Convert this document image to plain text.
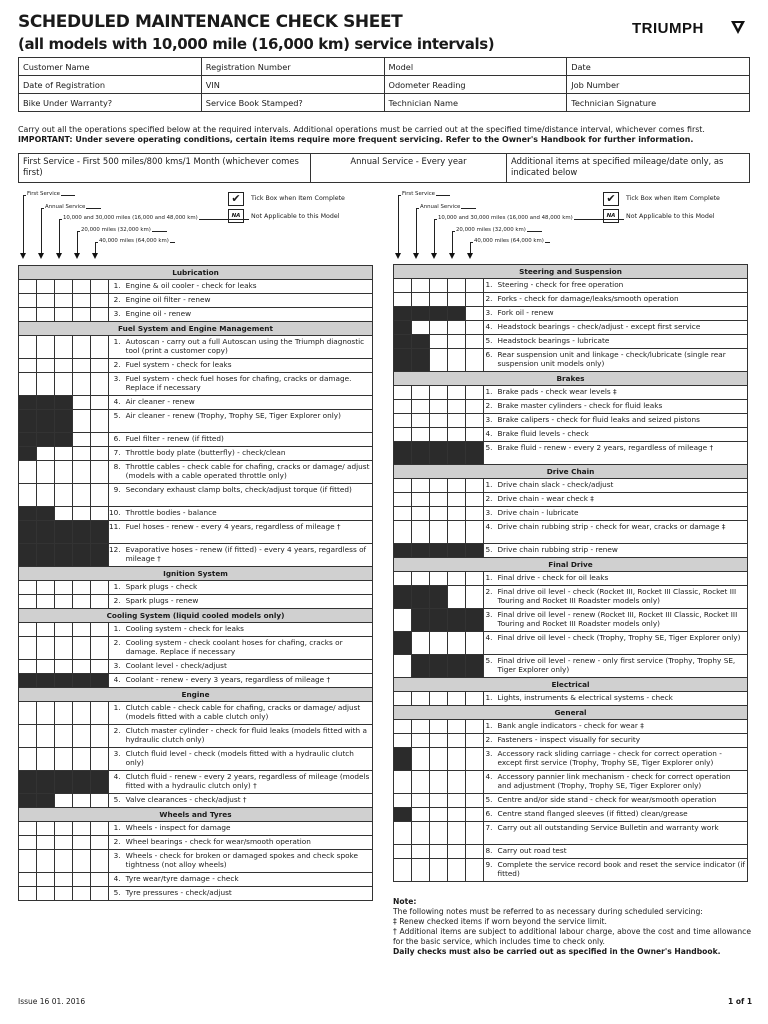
SCHEDULED MAINTENANCE CHECK SHEET
(all models with 10,000 mile (16,000 km) service intervals)
TRIUMPH
Customer Name	Registration Number	Model	Date
Date of Registration	VIN	Odometer Reading	Job Number
Bike Under Warranty?	Service Book Stamped?	Technician Name	Technician Signature
Carry out all the operations specified below at the required intervals. Additional operations must be carried out at the specified time/distance interval, whichever comes first.
IMPORTANT: Under severe operating conditions, certain items require more frequent servicing. Refer to the Owner's Handbook for further information.
First Service - First 500 miles/800 kms/1 Month (whichever comes first)
Annual Service - Every year	Additional items at specified mileage/date only, as indicated below
First Service
Annual Service
10,000 and 30,000 miles (16,000 and 48,000 km)
20,000 miles (32,000 km)
40,000 miles (64,000 km)
✔	Tick Box when Item Complete
NA	Not Applicable to this Model
First Service
Annual Service
10,000 and 30,000 miles (16,000 and 48,000 km)
20,000 miles (32,000 km)
40,000 miles (64,000 km)
✔	Tick Box when Item Complete
NA	Not Applicable to this Model
Lubrication						
					1.	Engine & oil cooler - check for leaks
					2.	Engine oil filter - renew
					3.	Engine oil - renew
Fuel System and Engine Management						
					1.	Autoscan - carry out a full Autoscan using the Triumph diagnostic tool (print a customer copy)
					2.	Fuel system - check for leaks
					3.	Fuel system - check fuel hoses for chafing, cracks or damage. Replace if necessary
					4.	Air cleaner - renew
					5.	Air cleaner - renew (Trophy, Trophy SE, Tiger Explorer only)
					6.	Fuel filter - renew (if fitted)
					7.	Throttle body plate (butterfly) - check/clean
					8.	Throttle cables - check cable for chafing, cracks or damage/ adjust (models with a cable operated throttle only)
					9.	Secondary exhaust clamp bolts, check/adjust torque (if fitted)
					10.	Throttle bodies - balance
					11.	Fuel hoses - renew - every 4 years, regardless of mileage †
					12.	Evaporative hoses - renew (if fitted) - every 4 years, regardless of mileage †
Ignition System						
					1.	Spark plugs - check
					2.	Spark plugs - renew
Cooling System (liquid cooled models only)						
					1.	Cooling system - check for leaks
					2.	Cooling system - check coolant hoses for chafing, cracks or damage. Replace if necessary
					3.	Coolant level - check/adjust
					4.	Coolant - renew - every 3 years, regardless of mileage †
Engine						
					1.	Clutch cable - check cable for chafing, cracks or damage/ adjust (models fitted with a cable clutch only)
					2.	Clutch master cylinder - check for fluid leaks (models fitted with a hydraulic clutch only)
					3.	Clutch fluid level - check (models fitted with a hydraulic clutch only)
					4.	Clutch fluid - renew - every 2 years, regardless of mileage (models fitted with a hydraulic clutch only) †
					5.	Valve clearances - check/adjust †
Wheels and Tyres						
					1.	Wheels - inspect for damage
					2.	Wheel bearings - check for wear/smooth operation
					3.	Wheels - check for broken or damaged spokes and check spoke tightness (not alloy wheels)
					4.	Tyre wear/tyre damage - check
					5.	Tyre pressures - check/adjust
Steering and Suspension						
					1.	Steering - check for free operation
					2.	Forks - check for damage/leaks/smooth operation
					3.	Fork oil - renew
					4.	Headstock bearings - check/adjust - except first service
					5.	Headstock bearings - lubricate
					6.	Rear suspension unit and linkage - check/lubricate (single rear suspension unit models only)
Brakes						
					1.	Brake pads - check wear levels ‡
					2.	Brake master cylinders - check for fluid leaks
					3.	Brake calipers - check for fluid leaks and seized pistons
					4.	Brake fluid levels - check
					5.	Brake fluid - renew - every 2 years, regardless of mileage †
Drive Chain						
					1.	Drive chain slack - check/adjust
					2.	Drive chain - wear check ‡
					3.	Drive chain - lubricate
					4.	Drive chain rubbing strip - check for wear, cracks or damage ‡
					5.	Drive chain rubbing strip - renew
Final Drive						
					1.	Final drive - check for oil leaks
					2.	Final drive oil level - check (Rocket III, Rocket III Classic, Rocket III Touring and Rocket III Roadster models only)
					3.	Final drive oil level - renew (Rocket III, Rocket III Classic, Rocket III Touring and Rocket III Roadster models only)
					4.	Final drive oil level - check (Trophy, Trophy SE, Tiger Explorer only)
					5.	Final drive oil level - renew - only first service (Trophy, Trophy SE, Tiger Explorer only)
Electrical						
					1.	Lights, instruments & electrical systems - check
General						
					1.	Bank angle indicators - check for wear ‡
					2.	Fasteners - inspect visually for security
					3.	Accessory rack sliding carriage - check for correct operation - except first service (Trophy, Trophy SE, Tiger Explorer only)
					4.	Accessory pannier link mechanism - check for correct operation and adjustment (Trophy, Trophy SE, Tiger Explorer only)
					5.	Centre and/or side stand - check for wear/smooth operation
					6.	Centre stand flanged sleeves (if fitted) clean/grease
					7.	Carry out all outstanding Service Bulletin and warranty work
					8.	Carry out road test
					9.	Complete the service record book and reset the service indicator (if fitted)
Note:
The following notes must be referred to as necessary during scheduled servicing:
‡ Renew checked items if worn beyond the service limit.
† Additional items are subject to additional labour charge, above the cost and time allowance for the basic service, which includes time to check only.
Daily checks must also be carried out as specified in the Owner's Handbook.
Issue 16 01. 2016	1 of 1
